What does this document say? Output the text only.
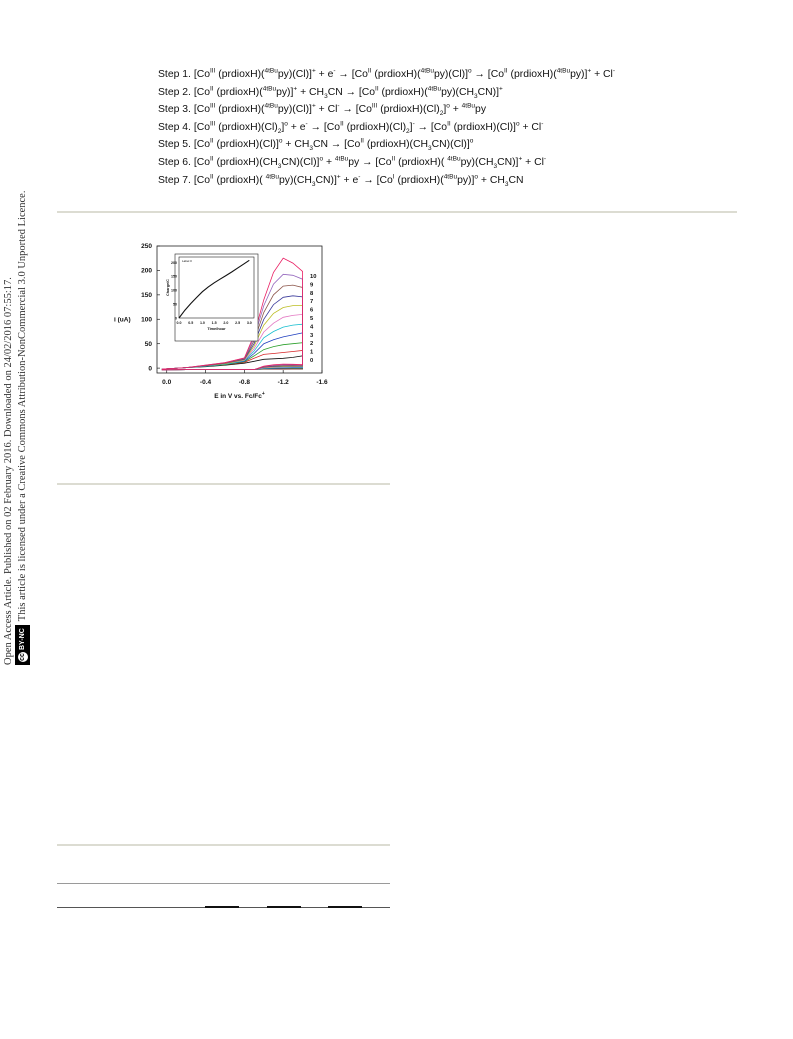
Open Access Article. Published on 02 February 2016. Downloaded on 24/02/2016 07:55:17. ccBY-NCThis article is licensed under a Creative Commons Attribution-NonCommercial 3.0 Unported Licence.
Step 1. [$Co^{III}$ (prdioxH)($^{4tBu}$py)(Cl)]+ + $e^- \to [Co^{II}$ (prdioxH)($^{4tBu}$py)(Cl)]$^o$ → [$Co^{II}$ (prdioxH)($^{4tBu}$py)]+ + Cl-
Step 2. [$Co^{II}$ (prdioxH)($^{4tBu}$py)]+ + $CH_3CN \to [Co^{II}$ $(prdioxH)(^{4tBu}py)(CH_3CN)]^+$
Step 3. [$Co^{III}$ (prdioxH)($^{4tBu}$py)(Cl)]+ + $Cl^- \to [Co^{III}$ $(prdioxH)(Cl)_2]^o + ^{4tBu}py$
Step 4. [$Co^{III}$ $(prdioxH)(Cl)_2]^o + e^- \to [Co^{II}$ $(prdioxH)(Cl)_2]^- \to [Co^{II}$ (prdioxH)(Cl)]$^o$ + Cl-
Step 5. [$Co^{II}$ (prdioxH)(Cl)]$^o$ + $CH_3CN \to [Co^{II}$ $(prdioxH)(CH_3CN)(Cl)]^o$
Step 6. [$Co^{II}$ $(prdioxH)(CH_3CN)(Cl)]^o + ^{4tBu}py \to [Co^{II}$ (prdioxH)( $^{4tBu}py)(CH_3CN)]^+ + Cl^-$
Step 7. [$Co^{II}$ (prdioxH)( $^{4tBu}py)(CH_3CN)]^+ + e^- \to [Co^I$ (prdioxH)($^{4tBu}$py)]$^o$ + $CH_3CN$
0.0	-0.4	-0.8	-1.2	-1.6
0
50
100
150
200
250
E in V vs. Fc/Fc+
i (uA)
10
9
8
7
6
5
4
3
2
1
0
Label 0
0.0 0.5 1.0 1.5 2.0 2.5 3.0
0
50
100
150
200
Time/hour
Charge/C
